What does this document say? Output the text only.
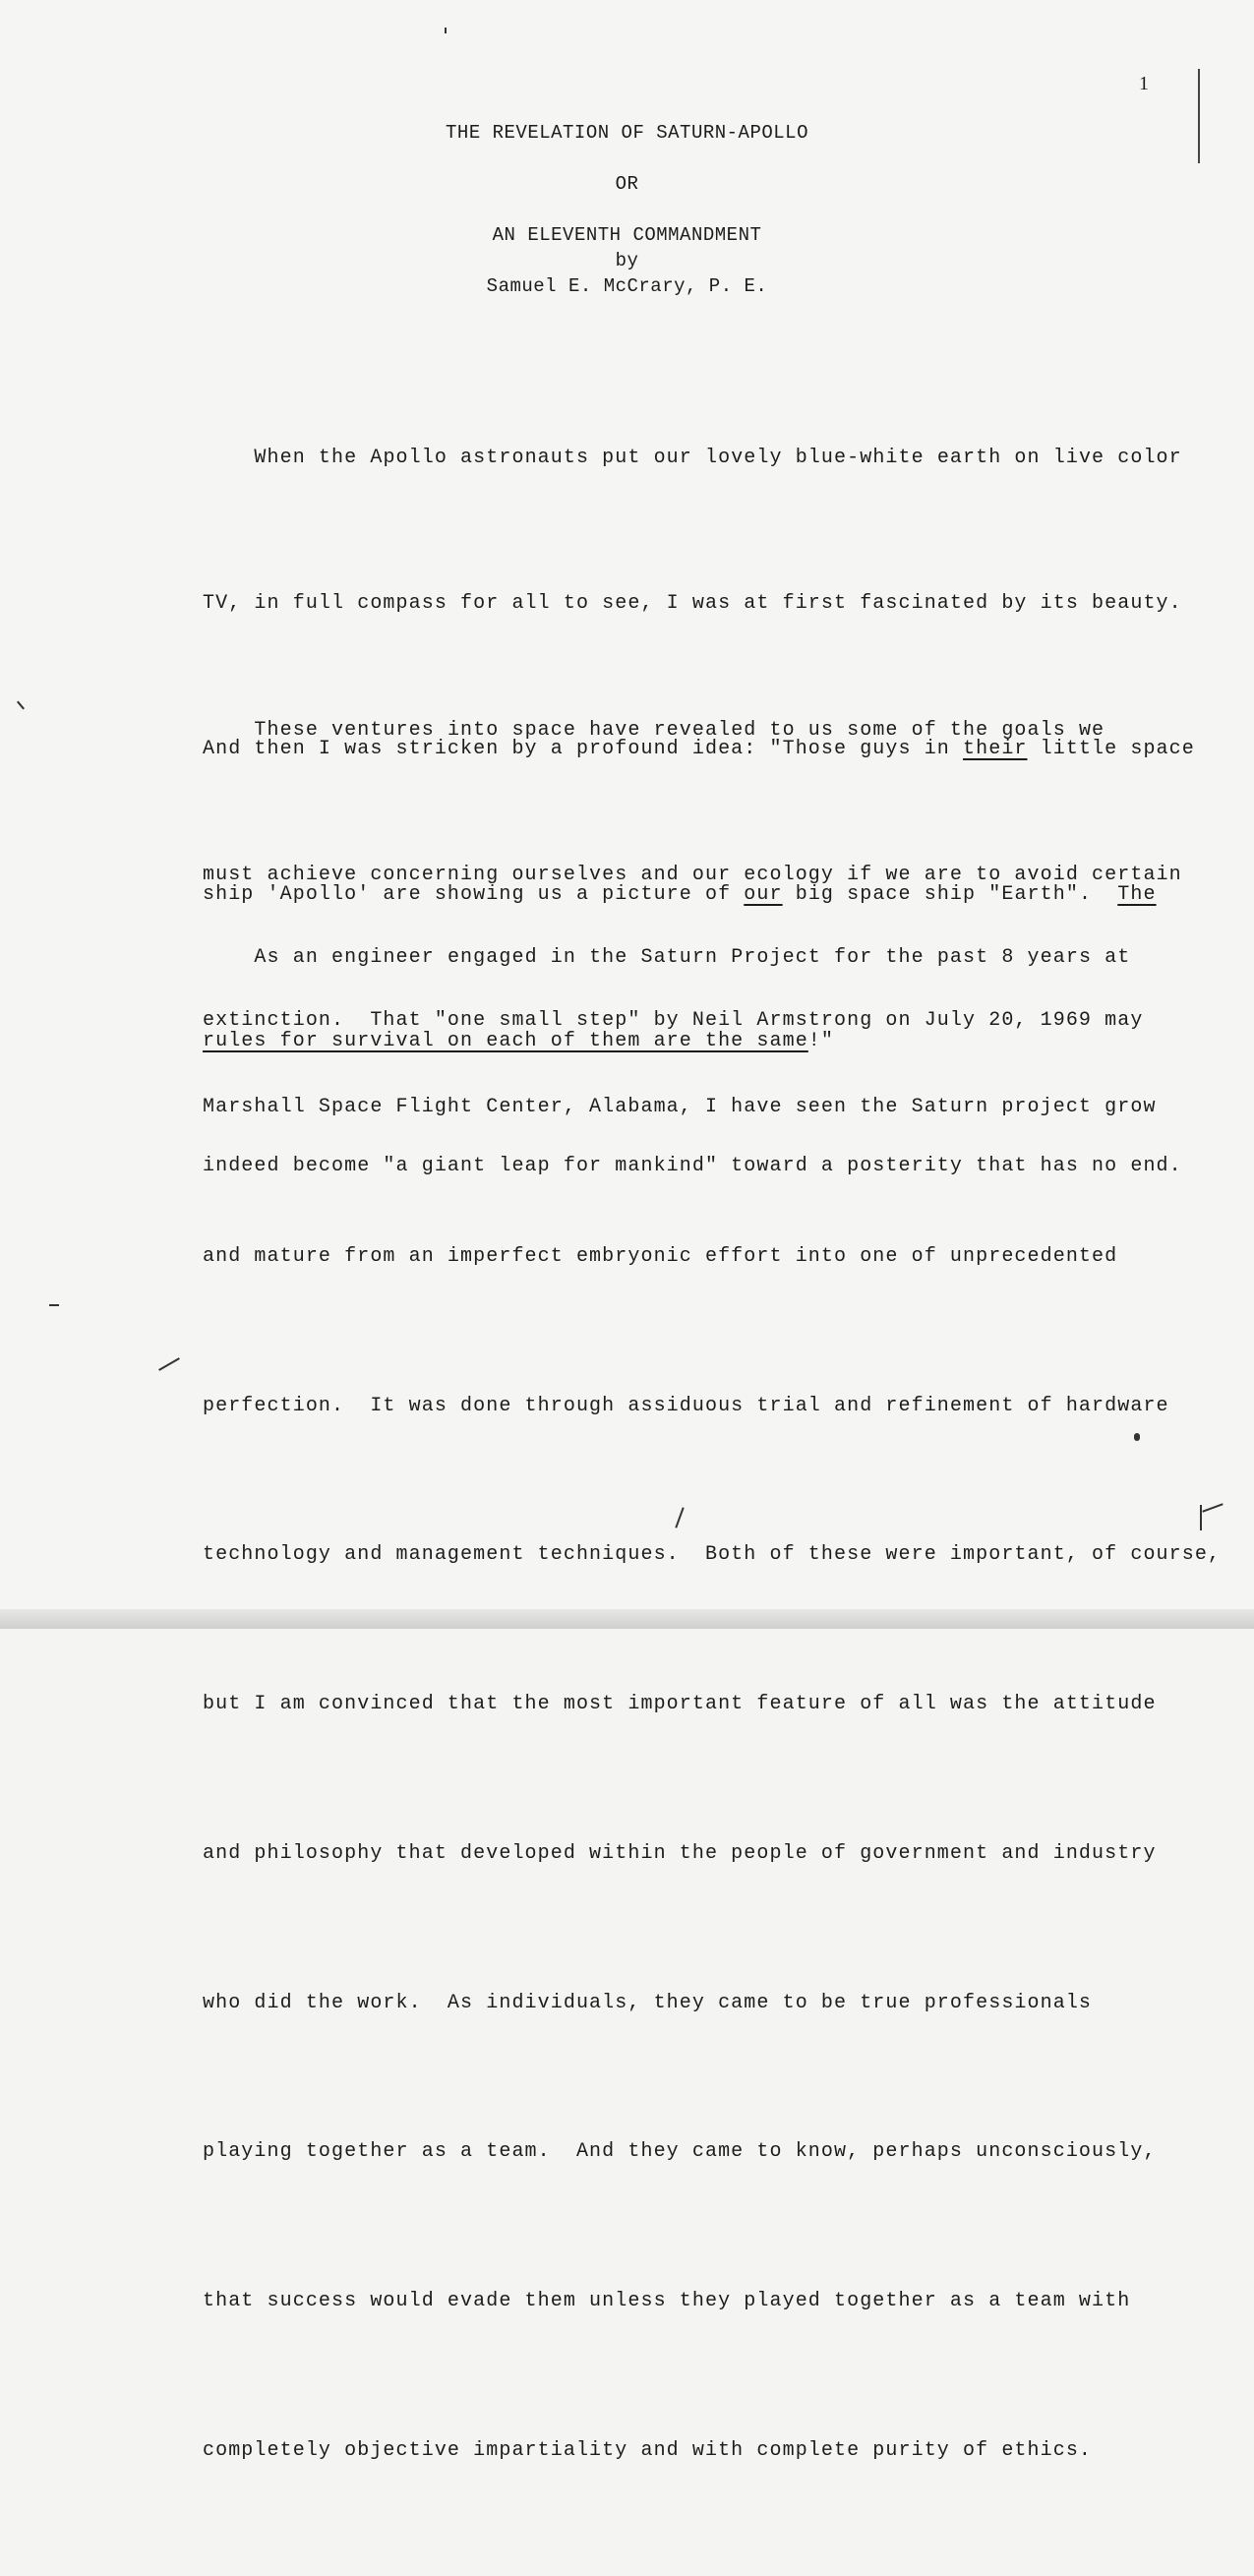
1
THE REVELATION OF SATURN-APOLLO
OR
AN ELEVENTH COMMANDMENT
by
Samuel E. McCrary, P. E.

When the Apollo astronauts put our lovely blue-white earth on live color

TV, in full compass for all to see, I was at first fascinated by its beauty.

And then I was stricken by a profound idea: "Those guys in their little space

ship 'Apollo' are showing us a picture of our big space ship "Earth".  The

rules for survival on each of them are the same!"

These ventures into space have revealed to us some of the goals we

must achieve concerning ourselves and our ecology if we are to avoid certain

extinction.  That "one small step" by Neil Armstrong on July 20, 1969 may

indeed become "a giant leap for mankind" toward a posterity that has no end.

As an engineer engaged in the Saturn Project for the past 8 years at

Marshall Space Flight Center, Alabama, I have seen the Saturn project grow

and mature from an imperfect embryonic effort into one of unprecedented

perfection.  It was done through assiduous trial and refinement of hardware

technology and management techniques.  Both of these were important, of course,

but I am convinced that the most important feature of all was the attitude

and philosophy that developed within the people of government and industry

who did the work.  As individuals, they came to be true professionals

playing together as a team.  And they came to know, perhaps unconsciously,

that success would evade them unless they played together as a team with

completely objective impartiality and with complete purity of ethics.
